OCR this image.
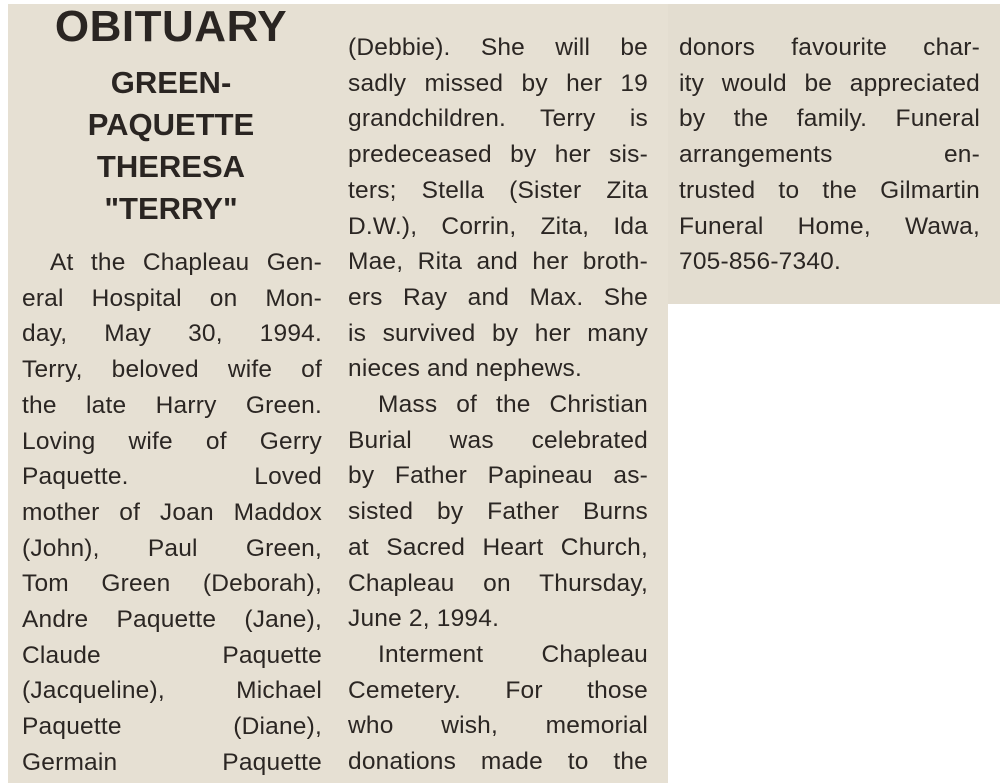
OBITUARY
GREEN-
PAQUETTE
THERESA
"TERRY"
At the Chapleau Gen-
eral Hospital on Mon-
day, May 30, 1994.
Terry, beloved wife of
the late Harry Green.
Loving wife of Gerry
Paquette. Loved
mother of Joan Maddox
(John), Paul Green,
Tom Green (Deborah),
Andre Paquette (Jane),
Claude Paquette
(Jacqueline), Michael
Paquette (Diane),
Germain Paquette
(Debbie). She will be
sadly missed by her 19
grandchildren. Terry is
predeceased by her sis-
ters; Stella (Sister Zita
D.W.), Corrin, Zita, Ida
Mae, Rita and her broth-
ers Ray and Max. She
is survived by her many
nieces and nephews.
Mass of the Christian
Burial was celebrated
by Father Papineau as-
sisted by Father Burns
at Sacred Heart Church,
Chapleau on Thursday,
June 2, 1994.
Interment Chapleau
Cemetery. For those
who wish, memorial
donations made to the
donors favourite char-
ity would be appreciated
by the family. Funeral
arrangements en-
trusted to the Gilmartin
Funeral Home, Wawa,
705-856-7340.
